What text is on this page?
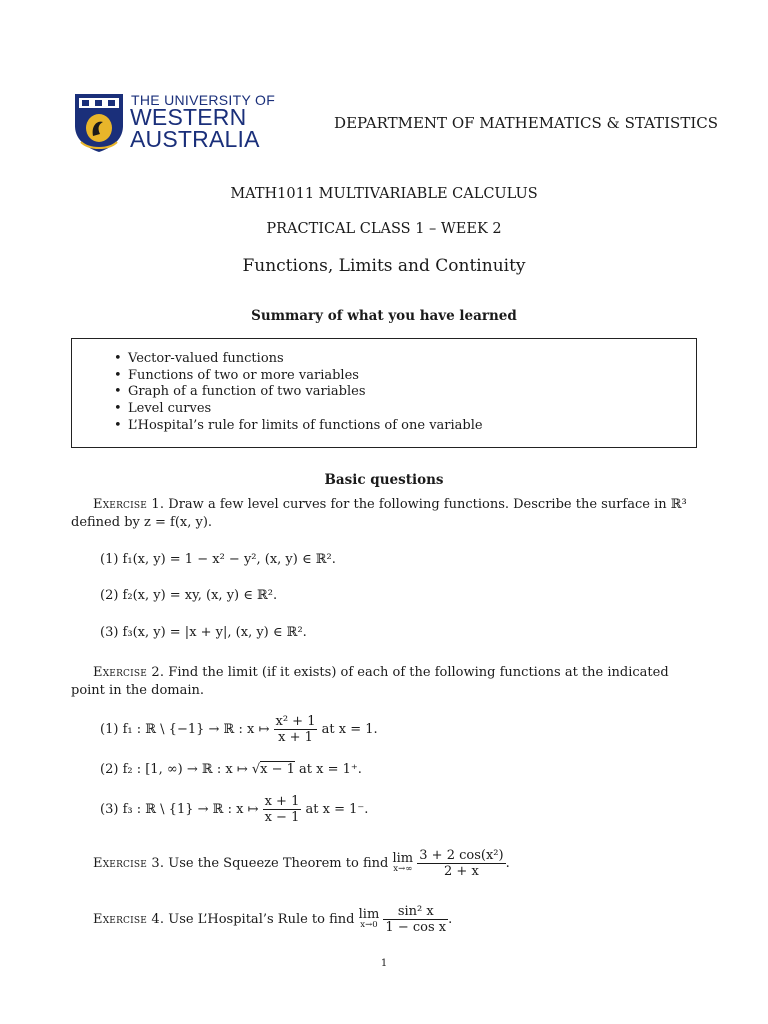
THE UNIVERSITY OF
WESTERN
AUSTRALIA
DEPARTMENT OF MATHEMATICS & STATISTICS
MATH1011 MULTIVARIABLE CALCULUS
PRACTICAL CLASS 1 – WEEK 2
Functions, Limits and Continuity
Summary of what you have learned
• Vector-valued functions
• Functions of two or more variables
• Graph of a function of two variables
• Level curves
• L’Hospital’s rule for limits of functions of one variable
Basic questions
Exercise 1. Draw a few level curves for the following functions. Describe the surface in ℝ³ defined by z = f(x, y).
(1) f₁(x, y) = 1 − x² − y², (x, y) ∈ ℝ².
(2) f₂(x, y) = xy, (x, y) ∈ ℝ².
(3) f₃(x, y) = |x + y|, (x, y) ∈ ℝ².
Exercise 2. Find the limit (if it exists) of each of the following functions at the indicated point in the domain.
(1) f₁ : ℝ \ {−1} → ℝ : x ↦ $\frac{\text{x² + 1}}{x + 1}$ at x = 1.
(2) f₂ : [1, ∞) → ℝ : x ↦ √x − 1 at x = 1⁺.
(3) f₃ : ℝ \ {1} → ℝ : x ↦ $\frac{x + 1}{x - 1}$ at x = 1⁻.
Exercise 3. Use the Squeeze Theorem to find lim
x→∞
$\frac{\text{3 + 2 cos(x²)}}{2 + x}$ .
Exercise 4. Use L’Hospital’s Rule to find lim
x→0
$\frac{\text{sin² x}}{\text{1 − cos x}}$ .
1
